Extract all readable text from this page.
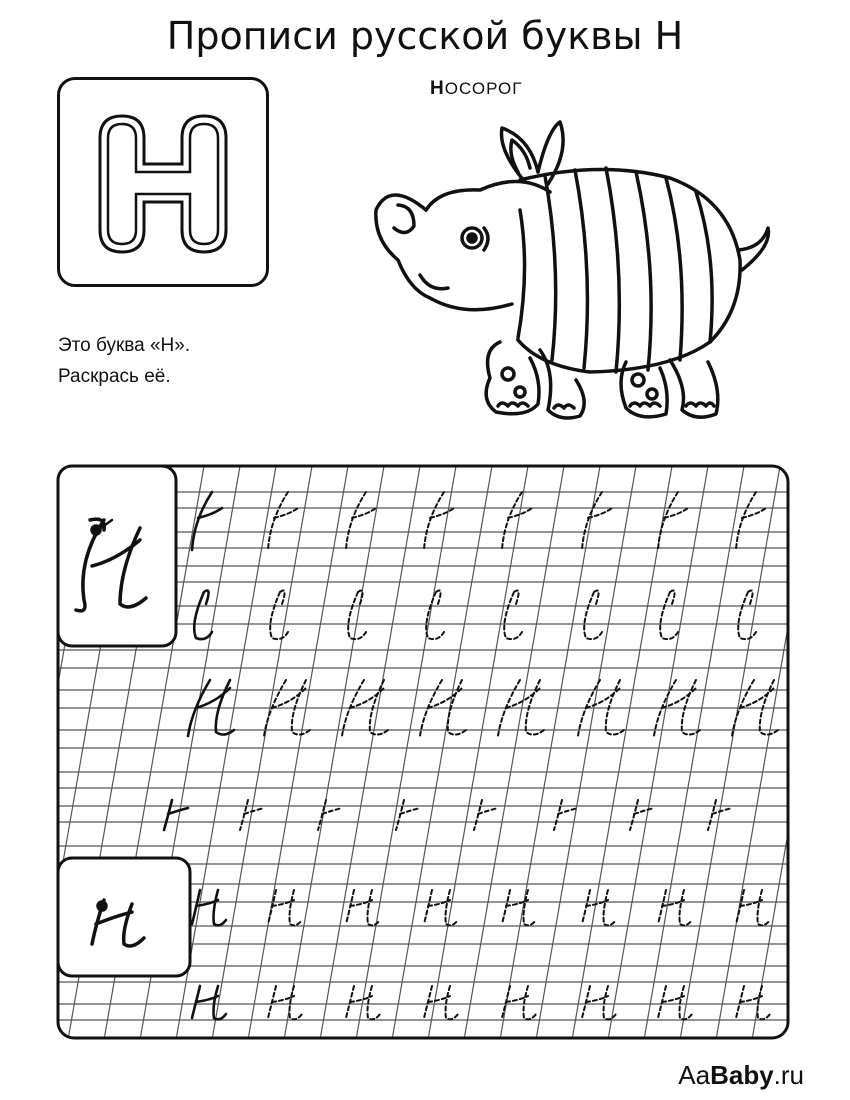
Прописи русской буквы Н
НОСОРОГ
Это буква «Н».
Раскрась её.
AaBaby.ru
